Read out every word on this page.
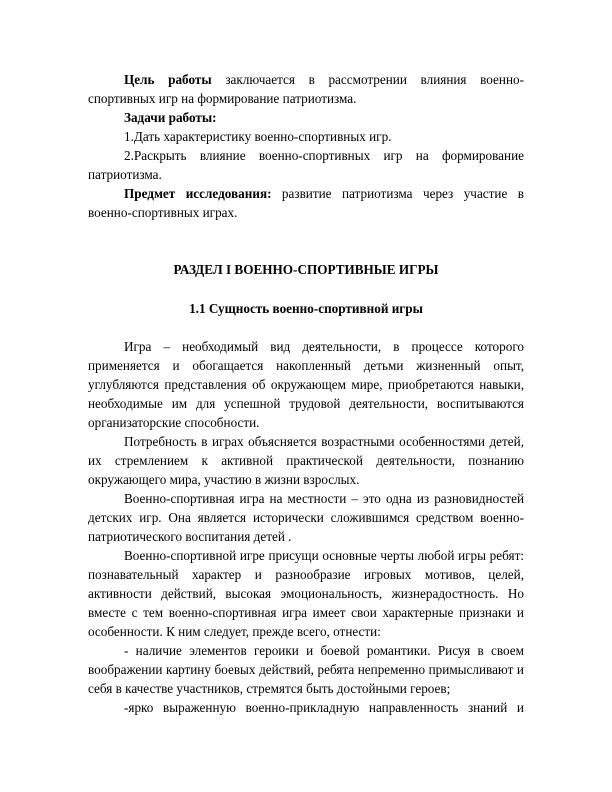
Цель работы заключается в рассмотрении влияния военно-спортивных игр на формирование патриотизма.

Задачи работы:

1.Дать характеристику военно-спортивных игр.

2.Раскрыть влияние военно-спортивных игр на формирование патриотизма.

Предмет исследования: развитие патриотизма через участие в военно-спортивных играх.

РАЗДЕЛ I ВОЕННО-СПОРТИВНЫЕ ИГРЫ
1.1 Сущность военно-спортивной игры

Игра – необходимый вид деятельности, в процессе которого применяется и обогащается накопленный детьми жизненный опыт, углубляются представления об окружающем мире, приобретаются навыки, необходимые им для успешной трудовой деятельности, воспитываются организаторские способности.

Потребность в играх объясняется возрастными особенностями детей, их стремлением к активной практической деятельности, познанию окружающего мира, участию в жизни взрослых.

Военно-спортивная игра на местности – это одна из разновидностей детских игр. Она является исторически сложившимся средством военно-патриотического воспитания детей .

Военно-спортивной игре присущи основные черты любой игры ребят: познавательный характер и разнообразие игровых мотивов, целей, активности действий, высокая эмоциональность, жизнерадостность. Но вместе с тем военно-спортивная игра имеет свои характерные признаки и особенности. К ним следует, прежде всего, отнести:

- наличие элементов героики и боевой романтики. Рисуя в своем воображении картину боевых действий, ребята непременно примысливают и себя в качестве участников, стремятся быть достойными героев;

-ярко выраженную военно-прикладную направленность знаний и
